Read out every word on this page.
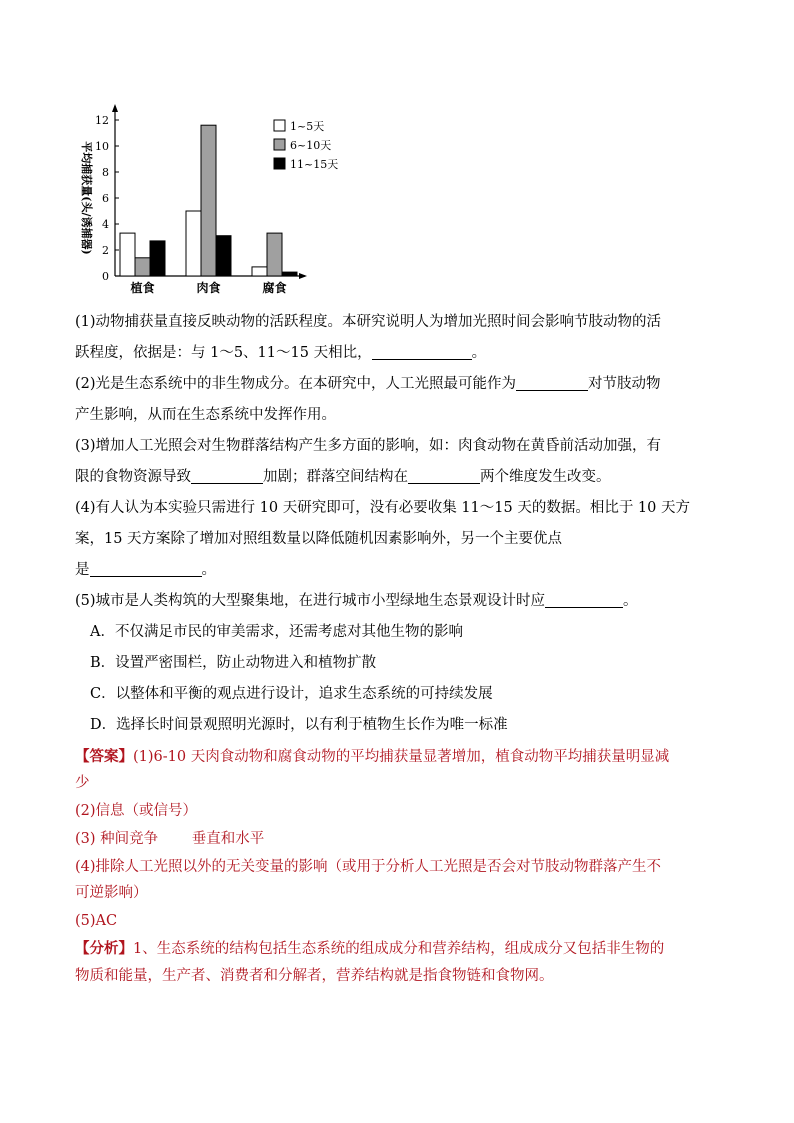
平均捕获量(头/诱捕器)
0
2
4
6
8
10
12
植食	肉食	腐食
1~5天
6~10天
11~15天
(1)动物捕获量直接反映动物的活跃程度。本研究说明人为增加光照时间会影响节肢动物的活
跃程度，依据是：与 1～5、11～15 天相比，	。
(2)光是生态系统中的非生物成分。在本研究中，人工光照最可能作为	对节肢动物
产生影响，从而在生态系统中发挥作用。
(3)增加人工光照会对生物群落结构产生多方面的影响，如：肉食动物在黄昏前活动加强，有
限的食物资源导致	加剧；群落空间结构在	两个维度发生改变。
(4)有人认为本实验只需进行 10 天研究即可，没有必要收集 11～15 天的数据。相比于 10 天方
案，15 天方案除了增加对照组数量以降低随机因素影响外，另一个主要优点
是	。
(5)城市是人类构筑的大型聚集地，在进行城市小型绿地生态景观设计时应	。
A．不仅满足市民的审美需求，还需考虑对其他生物的影响
B．设置严密围栏，防止动物进入和植物扩散
C．以整体和平衡的观点进行设计，追求生态系统的可持续发展
D．选择长时间景观照明光源时，以有利于植物生长作为唯一标准
【答案】(1)6-10 天肉食动物和腐食动物的平均捕获量显著增加，植食动物平均捕获量明显减
少
(2)信息（或信号）
(3) 种间竞争　　 垂直和水平
(4)排除人工光照以外的无关变量的影响（或用于分析人工光照是否会对节肢动物群落产生不
可逆影响）
(5)AC
【分析】1、生态系统的结构包括生态系统的组成成分和营养结构，组成成分又包括非生物的
物质和能量，生产者、消费者和分解者，营养结构就是指食物链和食物网。
